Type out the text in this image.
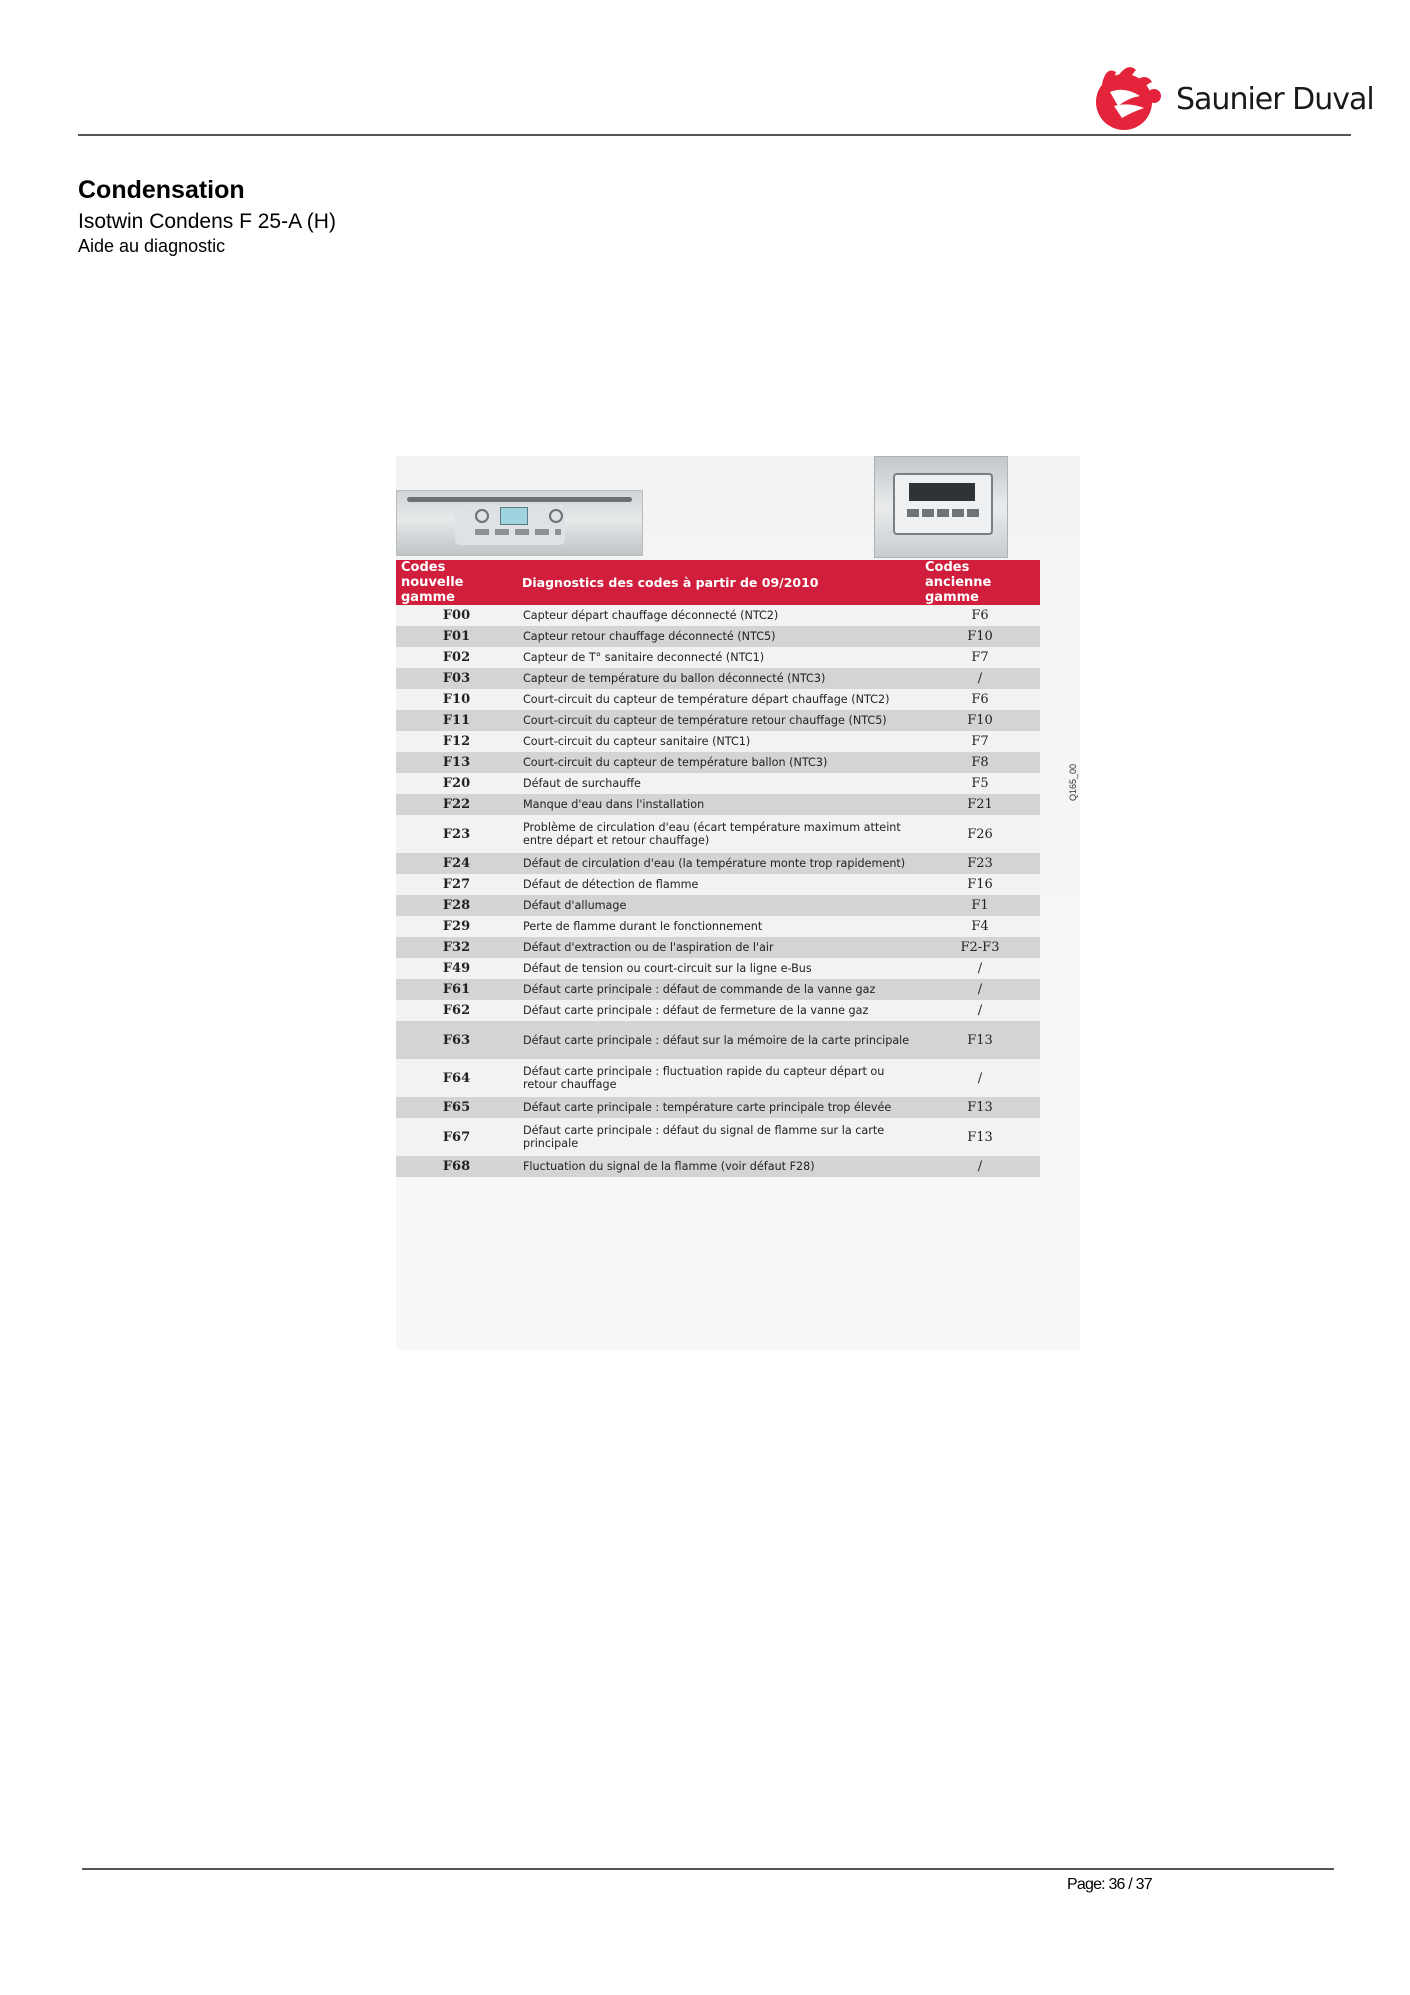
Saunier Duval
Condensation
Isotwin Condens F 25-A (H)
Aide au diagnostic
Q165_00
Codes nouvelle gamme	Diagnostics des codes à partir de 09/2010	Codes ancienne gamme
F00	Capteur départ chauffage déconnecté (NTC2)	F6
F01	Capteur retour chauffage déconnecté (NTC5)	F10
F02	Capteur de T° sanitaire deconnecté (NTC1)	F7
F03	Capteur de température du ballon déconnecté (NTC3)	/
F10	Court-circuit du capteur de température départ chauffage (NTC2)	F6
F11	Court-circuit du capteur de température retour chauffage (NTC5)	F10
F12	Court-circuit du capteur sanitaire (NTC1)	F7
F13	Court-circuit du capteur de température ballon (NTC3)	F8
F20	Défaut de surchauffe	F5
F22	Manque d'eau dans l'installation	F21
F23	Problème de circulation d'eau (écart température maximum atteint entre départ et retour chauffage)	F26
F24	Défaut de circulation d'eau (la température monte trop rapidement)	F23
F27	Défaut de détection de flamme	F16
F28	Défaut d'allumage	F1
F29	Perte de flamme durant le fonctionnement	F4
F32	Défaut d'extraction ou de l'aspiration de l'air	F2-F3
F49	Défaut de tension ou court-circuit sur la ligne e-Bus	/
F61	Défaut carte principale : défaut de commande de la vanne gaz	/
F62	Défaut carte principale : défaut de fermeture de la vanne gaz	/
F63	Défaut carte principale : défaut sur la mémoire de la carte principale	F13
F64	Défaut carte principale : fluctuation rapide du capteur départ ou retour chauffage	/
F65	Défaut carte principale : température carte principale trop élevée	F13
F67	Défaut carte principale : défaut du signal de flamme sur la carte principale	F13
F68	Fluctuation du signal de la flamme (voir défaut F28)	/
Page: 36 / 37
